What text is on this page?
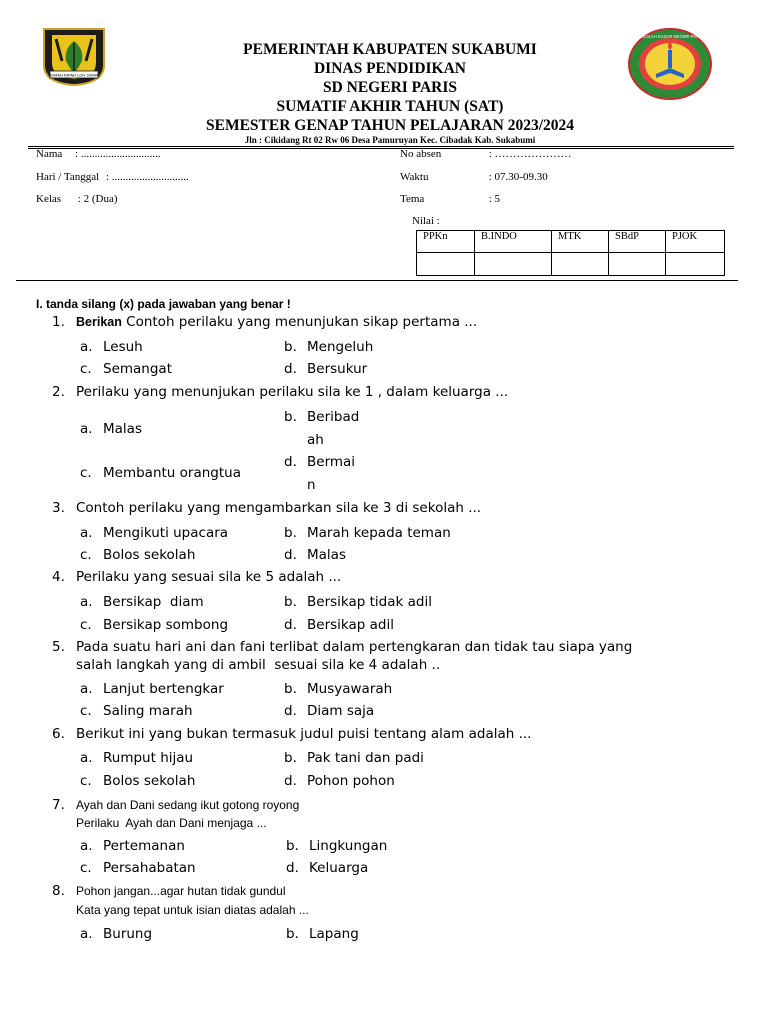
GEMAH RIPAH LOH JINAWI
SEKOLAH DASAR NEGERI PARIS
PEMERINTAH KABUPATEN SUKABUMI
DINAS PENDIDIKAN
SD NEGERI PARIS
SUMATIF AKHIR TAHUN (SAT)
SEMESTER GENAP TAHUN PELAJARAN 2023/2024
Jln : Cikidang Rt 02 Rw 06 Desa Pamuruyan Kec. Cibadak Kab. Sukabumi
Nama : .............................
Hari / Tanggal : ............................
Kelas : 2 (Dua)
No absen	: …………………
Waktu	: 07.30-09.30
Tema	: 5
Nilai :
PPKn	B.INDO	MTK	SBdP	PJOK

I. tanda silang (x) pada jawaban yang benar !
1. Berikan Contoh perilaku yang menunjukan sikap pertama ...
a. Lesuh	b. Mengeluh
c. Semangat	d. Bersukur
2. Perilaku yang menunjukan perilaku sila ke 1 , dalam keluarga ...
a. Malas
b. Beribad
ah
c. Membantu orangtua
d. Bermai
n
3. Contoh perilaku yang mengambarkan sila ke 3 di sekolah ...
a. Mengikuti upacara	b. Marah kepada teman
c. Bolos sekolah	d. Malas
4. Perilaku yang sesuai sila ke 5 adalah ...
a. Bersikap  diam	b. Bersikap tidak adil
c. Bersikap sombong	d. Bersikap adil
5. Pada suatu hari ani dan fani terlibat dalam pertengkaran dan tidak tau siapa yang
salah langkah yang di ambil  sesuai sila ke 4 adalah ..
a. Lanjut bertengkar	b. Musyawarah
c. Saling marah	d. Diam saja
6. Berikut ini yang bukan termasuk judul puisi tentang alam adalah ...
a. Rumput hijau	b. Pak tani dan padi
c. Bolos sekolah	d. Pohon pohon
7. Ayah dan Dani sedang ikut gotong royong
Perilaku  Ayah dan Dani menjaga ...
a. Pertemanan	b. Lingkungan
c. Persahabatan	d. Keluarga
8. Pohon jangan...agar hutan tidak gundul
Kata yang tepat untuk isian diatas adalah ...
a. Burung	b. Lapang
